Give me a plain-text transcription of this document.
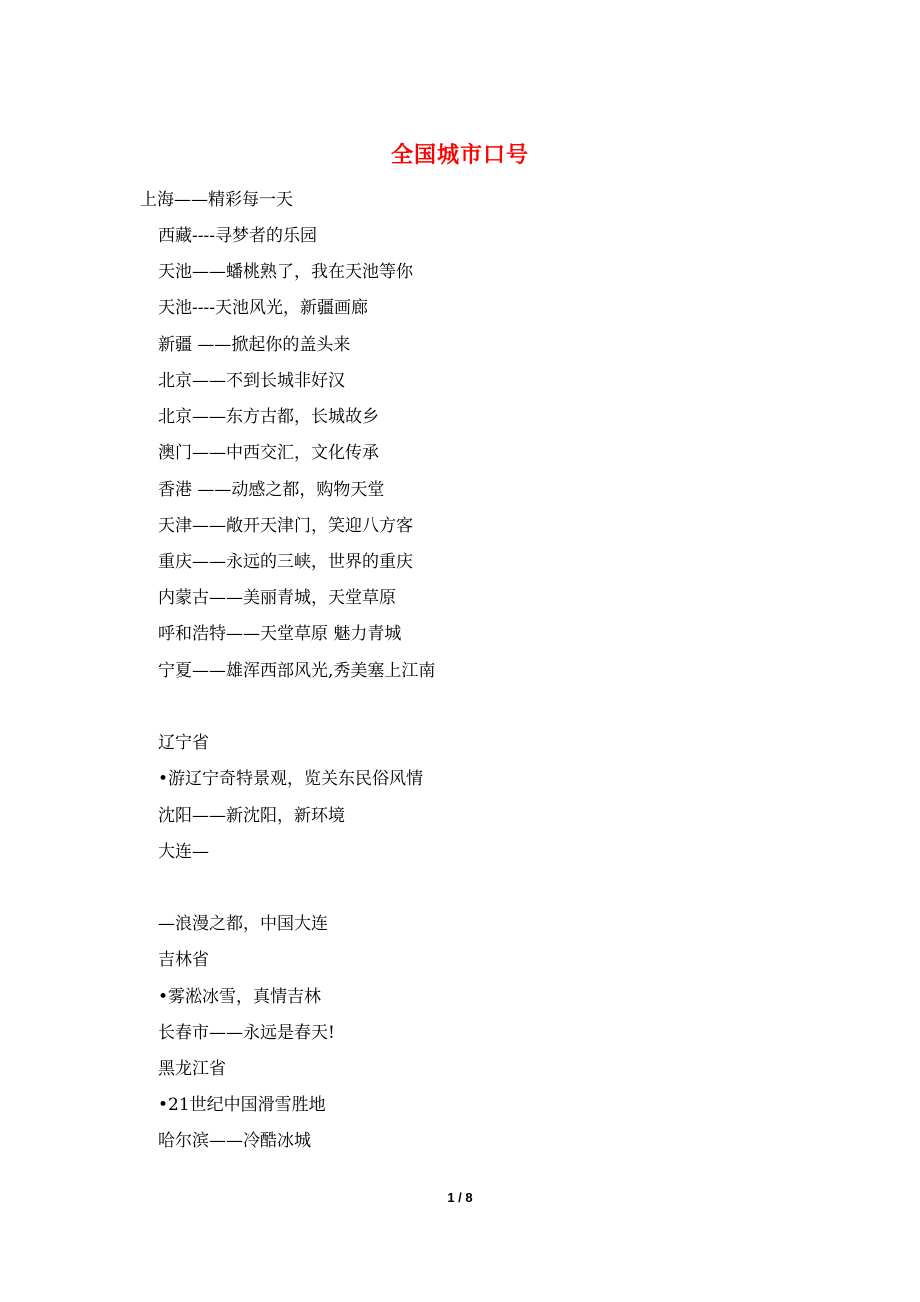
全国城市口号
上海——精彩每一天
西藏----寻梦者的乐园
天池——蟠桃熟了，我在天池等你
天池----天池风光，新疆画廊
新疆 ——掀起你的盖头来
北京——不到长城非好汉
北京——东方古都，长城故乡
澳门——中西交汇，文化传承
香港 ——动感之都，购物天堂
天津——敞开天津门，笑迎八方客
重庆——永远的三峡，世界的重庆
内蒙古——美丽青城，天堂草原
呼和浩特——天堂草原 魅力青城
宁夏——雄浑西部风光,秀美塞上江南
辽宁省
•游辽宁奇特景观，览关东民俗风情
沈阳——新沈阳，新环境
大连—
—浪漫之都，中国大连
吉林省
•雾淞冰雪，真情吉林
长春市——永远是春天!
黑龙江省
•21世纪中国滑雪胜地
哈尔滨——冷酷冰城
1 / 8
